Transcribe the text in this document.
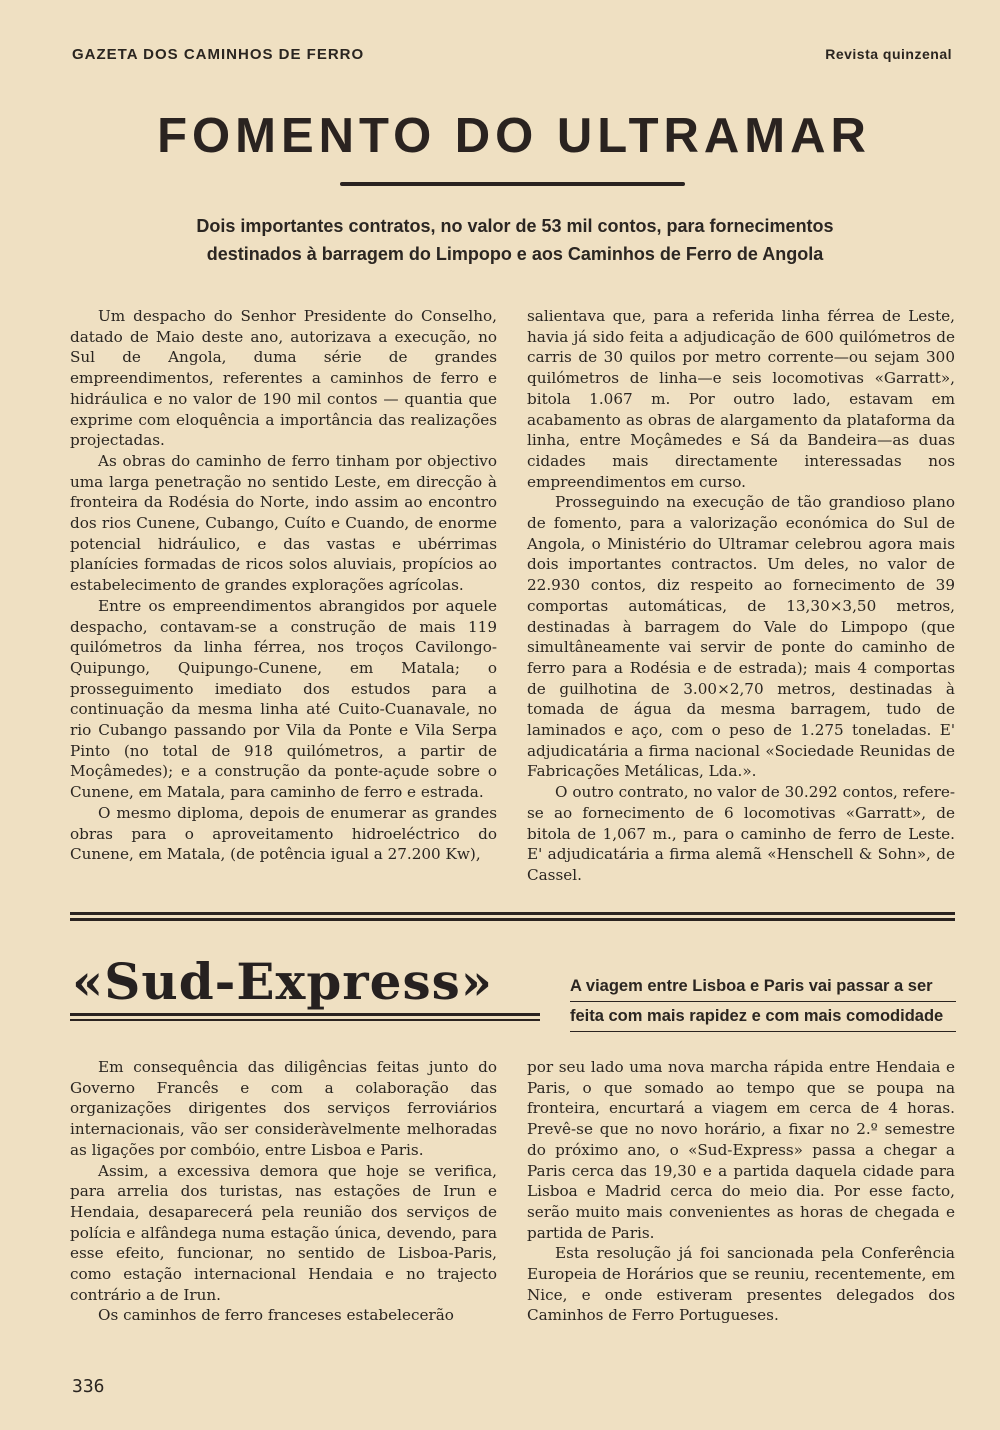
GAZETA DOS CAMINHOS DE FERRO	Revista quinzenal
FOMENTO DO ULTRAMAR
Dois importantes contratos, no valor de 53 mil contos, para fornecimentos
destinados à barragem do Limpopo e aos Caminhos de Ferro de Angola

Um despacho do Senhor Presidente do Conselho, datado de Maio deste ano, autorizava a execução, no Sul de Angola, duma série de grandes empreendimentos, referentes a caminhos de ferro e hidráulica e no valor de 190 mil contos — quantia que exprime com eloquência a importância das realizações projectadas.

As obras do caminho de ferro tinham por objectivo uma larga penetração no sentido Leste, em direcção à fronteira da Rodésia do Norte, indo assim ao encontro dos rios Cunene, Cubango, Cuíto e Cuando, de enorme potencial hidráulico, e das vastas e ubérrimas planícies formadas de ricos solos aluviais, propícios ao estabelecimento de grandes explorações agrícolas.

Entre os empreendimentos abrangidos por aquele despacho, contavam-se a construção de mais 119 quilómetros da linha férrea, nos troços Cavilongo-Quipungo, Quipungo-Cunene, em Matala; o prosseguimento imediato dos estudos para a continuação da mesma linha até Cuito-Cuanavale, no rio Cubango passando por Vila da Ponte e Vila Serpa Pinto (no total de 918 quilómetros, a partir de Moçâmedes); e a construção da ponte-açude sobre o Cunene, em Matala, para caminho de ferro e estrada.

O mesmo diploma, depois de enumerar as grandes obras para o aproveitamento hidroeléctrico do Cunene, em Matala, (de potência igual a 27.200 Kw),

salientava que, para a referida linha férrea de Leste, havia já sido feita a adjudicação de 600 quilómetros de carris de 30 quilos por metro corrente—ou sejam 300 quilómetros de linha—e seis locomotivas «Garratt», bitola 1.067 m. Por outro lado, estavam em acabamento as obras de alargamento da plataforma da linha, entre Moçâmedes e Sá da Bandeira—as duas cidades mais directamente interessadas nos empreendimentos em curso.

Prosseguindo na execução de tão grandioso plano de fomento, para a valorização económica do Sul de Angola, o Ministério do Ultramar celebrou agora mais dois importantes contractos. Um deles, no valor de 22.930 contos, diz respeito ao fornecimento de 39 comportas automáticas, de 13,30×3,50 metros, destinadas à barragem do Vale do Limpopo (que simultâneamente vai servir de ponte do caminho de ferro para a Rodésia e de estrada); mais 4 comportas de guilhotina de 3.00×2,70 metros, destinadas à tomada de água da mesma barragem, tudo de laminados e aço, com o peso de 1.275 toneladas. E' adjudicatária a firma nacional «Sociedade Reunidas de Fabricações Metálicas, Lda.».

O outro contrato, no valor de 30.292 contos, refere-se ao fornecimento de 6 locomotivas «Garratt», de bitola de 1,067 m., para o caminho de ferro de Leste. E' adjudicatária a firma alemã «Henschell & Sohn», de Cassel.

«Sud-Express»	A viagem entre Lisboa e Paris vai passar a ser
feita com mais rapidez e com mais comodidade

Em consequência das diligências feitas junto do Governo Francês e com a colaboração das organizações dirigentes dos serviços ferroviários internacionais, vão ser consideràvelmente melhoradas as ligações por combóio, entre Lisboa e Paris.

Assim, a excessiva demora que hoje se verifica, para arrelia dos turistas, nas estações de Irun e Hendaia, desaparecerá pela reunião dos serviços de polícia e alfândega numa estação única, devendo, para esse efeito, funcionar, no sentido de Lisboa-Paris, como estação internacional Hendaia e no trajecto contrário a de Irun.

Os caminhos de ferro franceses estabelecerão

por seu lado uma nova marcha rápida entre Hendaia e Paris, o que somado ao tempo que se poupa na fronteira, encurtará a viagem em cerca de 4 horas. Prevê-se que no novo horário, a fixar no 2.º semestre do próximo ano, o «Sud-Express» passa a chegar a Paris cerca das 19,30 e a partida daquela cidade para Lisboa e Madrid cerca do meio dia. Por esse facto, serão muito mais convenientes as horas de chegada e partida de Paris.

Esta resolução já foi sancionada pela Conferência Europeia de Horários que se reuniu, recentemente, em Nice, e onde estiveram presentes delegados dos Caminhos de Ferro Portugueses.

336
